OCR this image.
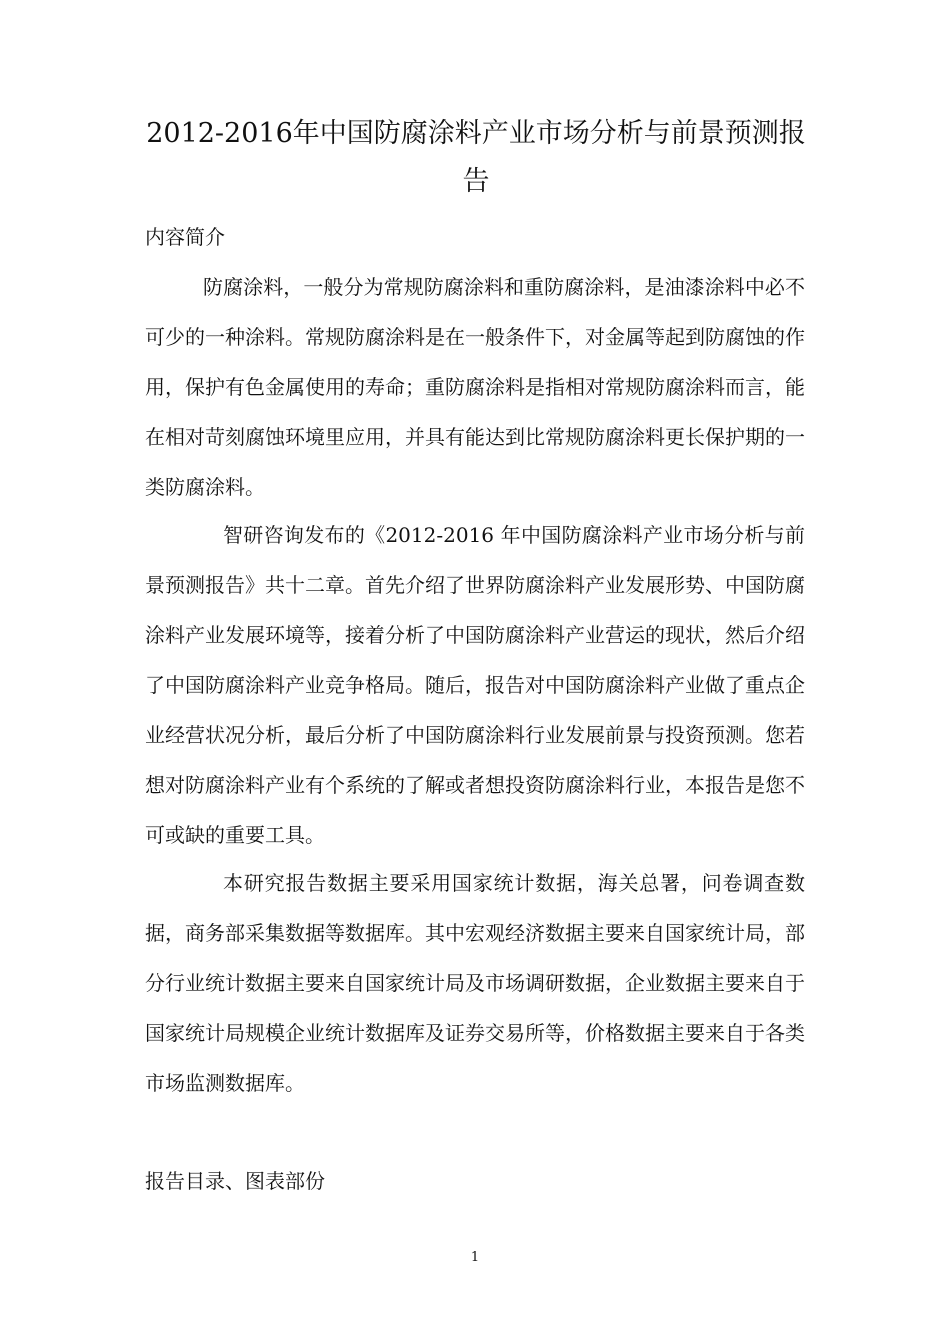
2012-2016年中国防腐涂料产业市场分析与前景预测报告
内容简介

防腐涂料，一般分为常规防腐涂料和重防腐涂料，是油漆涂料中必不可少的一种涂料。常规防腐涂料是在一般条件下，对金属等起到防腐蚀的作用，保护有色金属使用的寿命；重防腐涂料是指相对常规防腐涂料而言，能在相对苛刻腐蚀环境里应用，并具有能达到比常规防腐涂料更长保护期的一类防腐涂料。

智研咨询发布的《2012-2016 年中国防腐涂料产业市场分析与前景预测报告》共十二章。首先介绍了世界防腐涂料产业发展形势、中国防腐涂料产业发展环境等，接着分析了中国防腐涂料产业营运的现状，然后介绍了中国防腐涂料产业竞争格局。随后，报告对中国防腐涂料产业做了重点企业经营状况分析，最后分析了中国防腐涂料行业发展前景与投资预测。您若想对防腐涂料产业有个系统的了解或者想投资防腐涂料行业，本报告是您不可或缺的重要工具。

本研究报告数据主要采用国家统计数据，海关总署，问卷调查数据，商务部采集数据等数据库。其中宏观经济数据主要来自国家统计局，部分行业统计数据主要来自国家统计局及市场调研数据，企业数据主要来自于国家统计局规模企业统计数据库及证券交易所等，价格数据主要来自于各类市场监测数据库。

报告目录、图表部份
1
